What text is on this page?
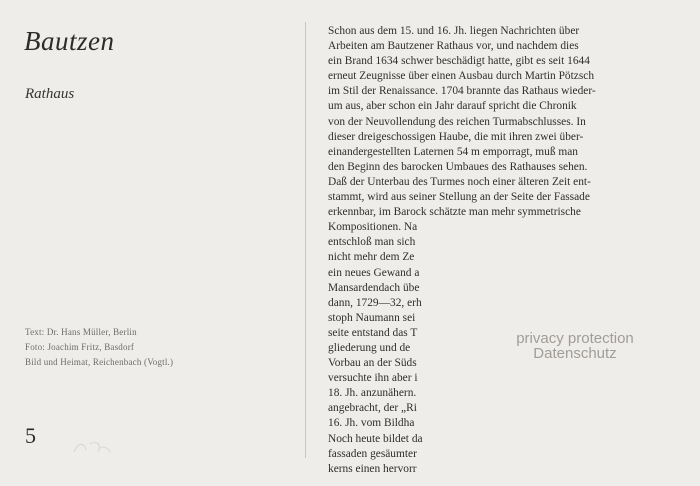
Bautzen
Rathaus
Text: Dr. Hans Müller, Berlin
Foto: Joachim Fritz, Basdorf
Bild und Heimat, Reichenbach (Vogtl.)
5
Schon aus dem 15. und 16. Jh. liegen Nachrichten über
Arbeiten am Bautzener Rathaus vor, und nachdem dies
ein Brand 1634 schwer beschädigt hatte, gibt es seit 1644
erneut Zeugnisse über einen Ausbau durch Martin Pötzsch
im Stil der Renaissance. 1704 brannte das Rathaus wieder-
um aus, aber schon ein Jahr darauf spricht die Chronik
von der Neuvollendung des reichen Turmabschlusses. In
dieser dreigeschossigen Haube, die mit ihren zwei über-
einandergestellten Laternen 54 m emporragt, muß man
den Beginn des barocken Umbaues des Rathauses sehen.
Daß der Unterbau des Turmes noch einer älteren Zeit ent-
stammt, wird aus seiner Stellung an der Seite der Fassade
erkennbar, im Barock schätzte man mehr symmetrische
Kompositionen. Na
entschloß man sich
nicht mehr dem Ze
ein neues Gewand a
Mansardendach übe
dann, 1729—32, erh
stoph Naumann sei
seite entstand das T
gliederung und de
Vorbau an der Süds
versuchte ihn aber i
18. Jh. anzunähern.
angebracht, der „Ri
16. Jh. vom Bildha
Noch heute bildet da
fassaden gesäumter
kerns einen hervorr
privacy protection
Datenschutz
